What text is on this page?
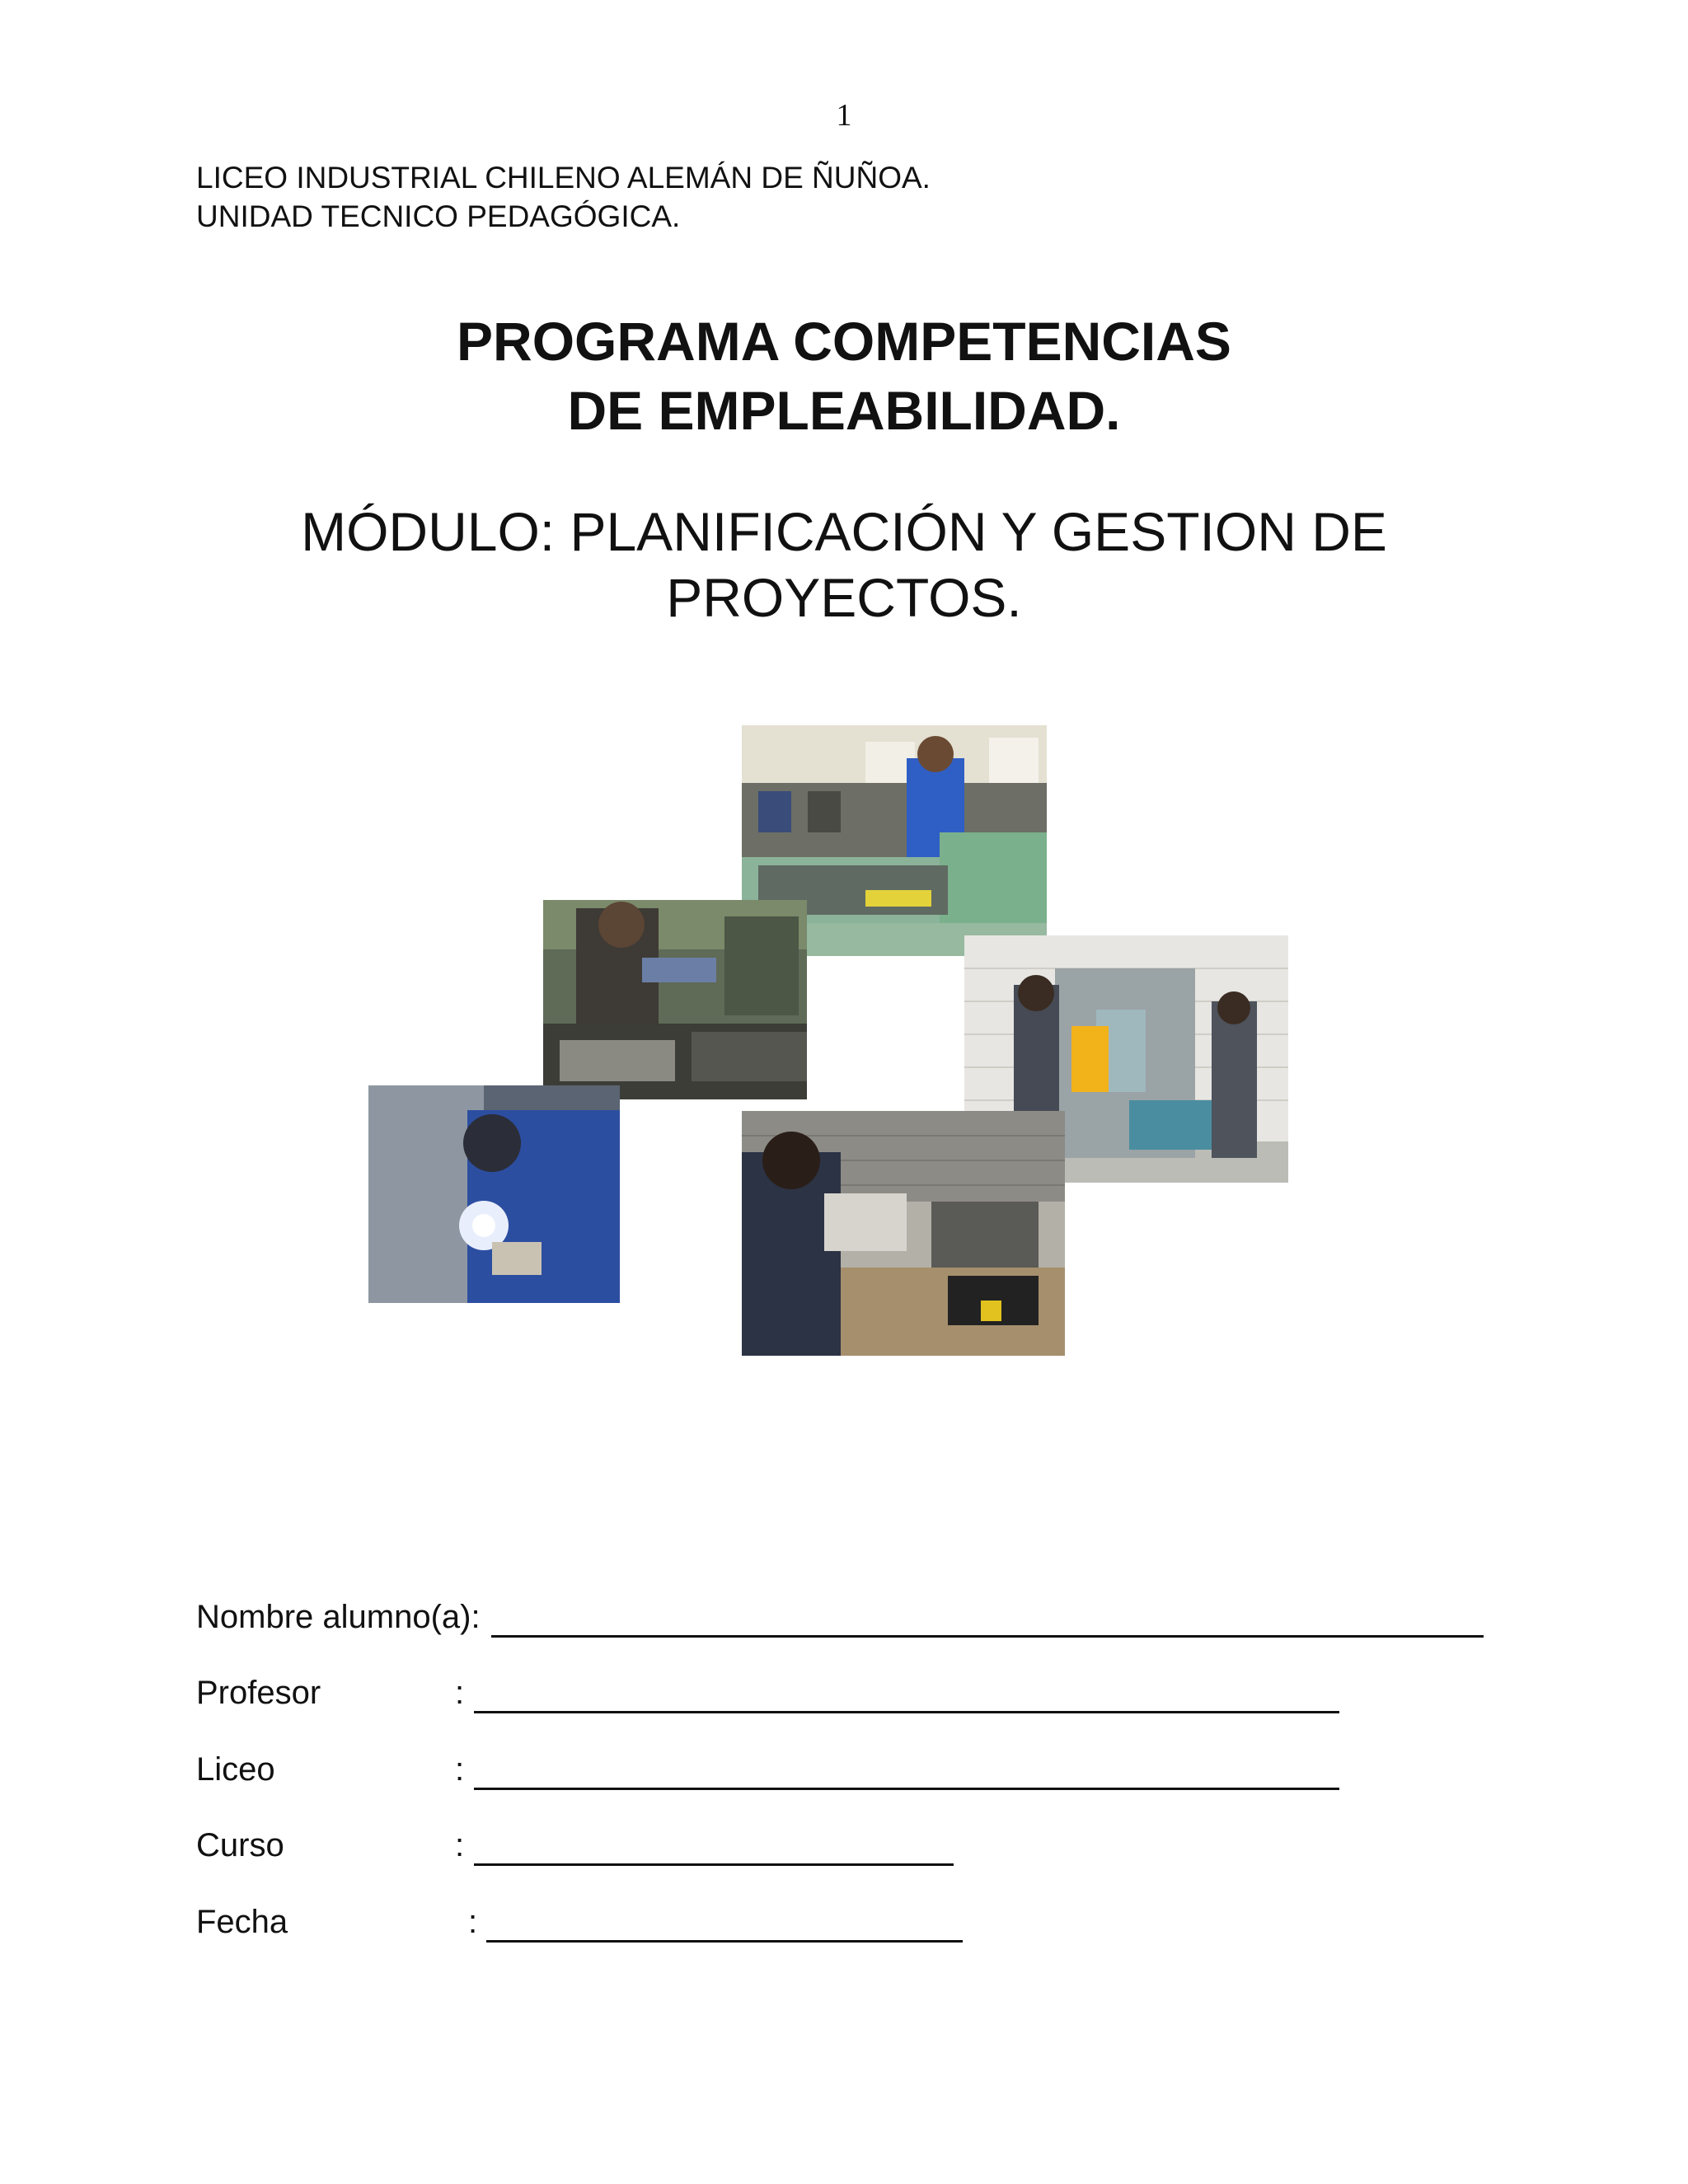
1
LICEO INDUSTRIAL CHILENO ALEMÁN DE ÑUÑOA.
UNIDAD TECNICO PEDAGÓGICA.
PROGRAMA COMPETENCIAS
DE EMPLEABILIDAD.
MÓDULO: PLANIFICACIÓN Y GESTION DE
PROYECTOS.
Nombre alumno(a):
Profesor	:
Liceo	:
Curso	:
Fecha	:
